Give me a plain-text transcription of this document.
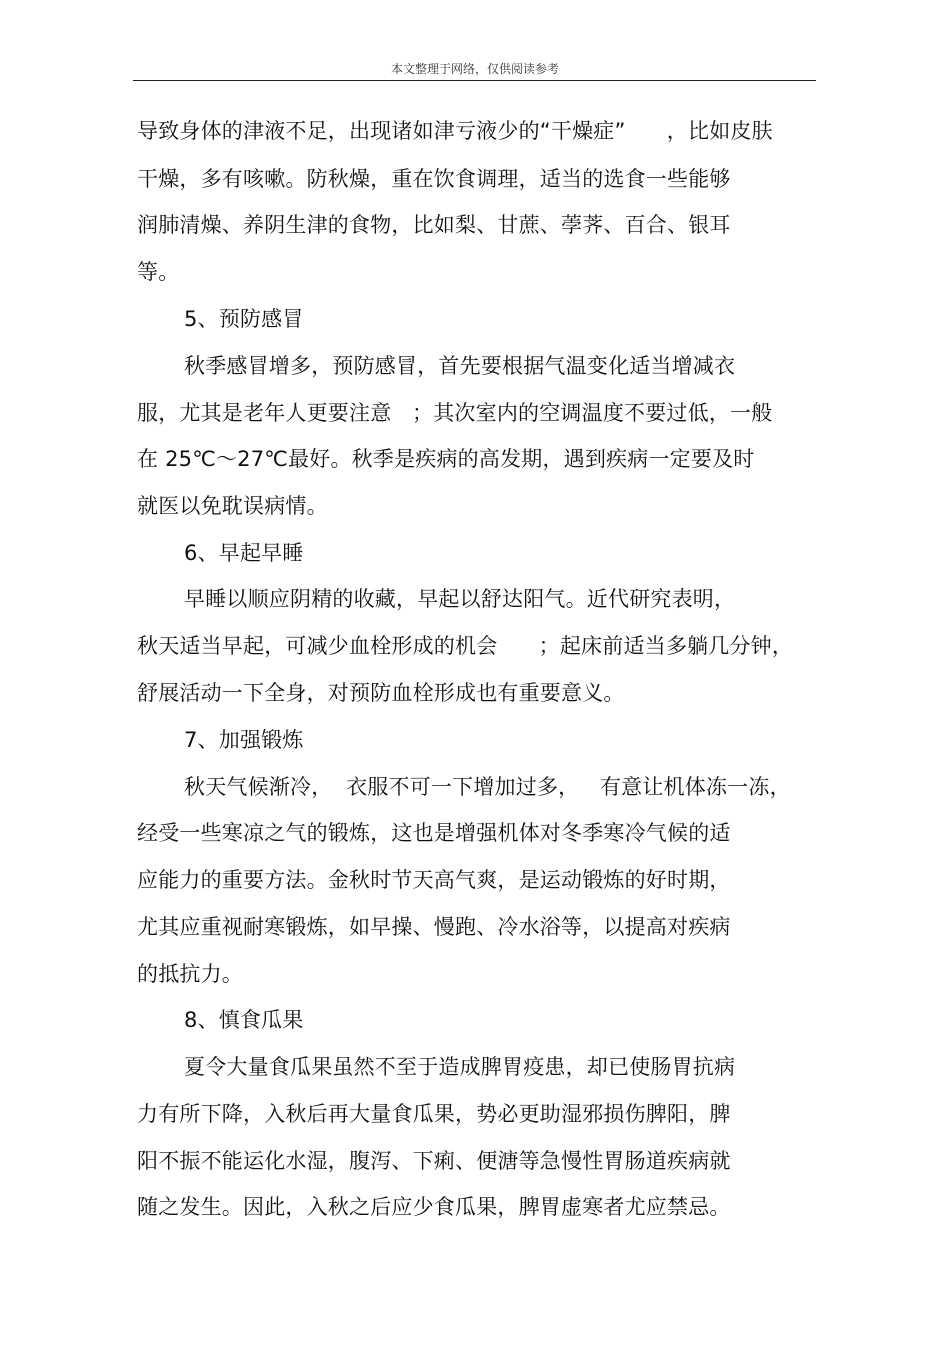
本文整理于网络，仅供阅读参考
导致身体的津液不足，出现诸如津亏液少的“干燥症”      ，比如皮肤
干燥，多有咳嗽。防秋燥，重在饮食调理，适当的选食一些能够
润肺清燥、养阴生津的食物，比如梨、甘蔗、荸荠、百合、银耳
等。
5、预防感冒
秋季感冒增多，预防感冒，首先要根据气温变化适当增减衣
服，尤其是老年人更要注意   ；其次室内的空调温度不要过低，一般
在 25℃～27℃最好。秋季是疾病的高发期，遇到疾病一定要及时
就医以免耽误病情。
6、早起早睡
早睡以顺应阴精的收藏，早起以舒达阳气。近代研究表明，
秋天适当早起，可减少血栓形成的机会      ；起床前适当多躺几分钟，
舒展活动一下全身，对预防血栓形成也有重要意义。
7、加强锻炼
秋天气候渐冷，  衣服不可一下增加过多，   有意让机体冻一冻，
经受一些寒凉之气的锻炼，这也是增强机体对冬季寒冷气候的适
应能力的重要方法。金秋时节天高气爽，是运动锻炼的好时期，
尤其应重视耐寒锻炼，如早操、慢跑、冷水浴等，以提高对疾病
的抵抗力。
8、慎食瓜果
夏令大量食瓜果虽然不至于造成脾胃疫患，却已使肠胃抗病
力有所下降，入秋后再大量食瓜果，势必更助湿邪损伤脾阳，脾
阳不振不能运化水湿，腹泻、下痢、便溏等急慢性胃肠道疾病就
随之发生。因此，入秋之后应少食瓜果，脾胃虚寒者尤应禁忌。
